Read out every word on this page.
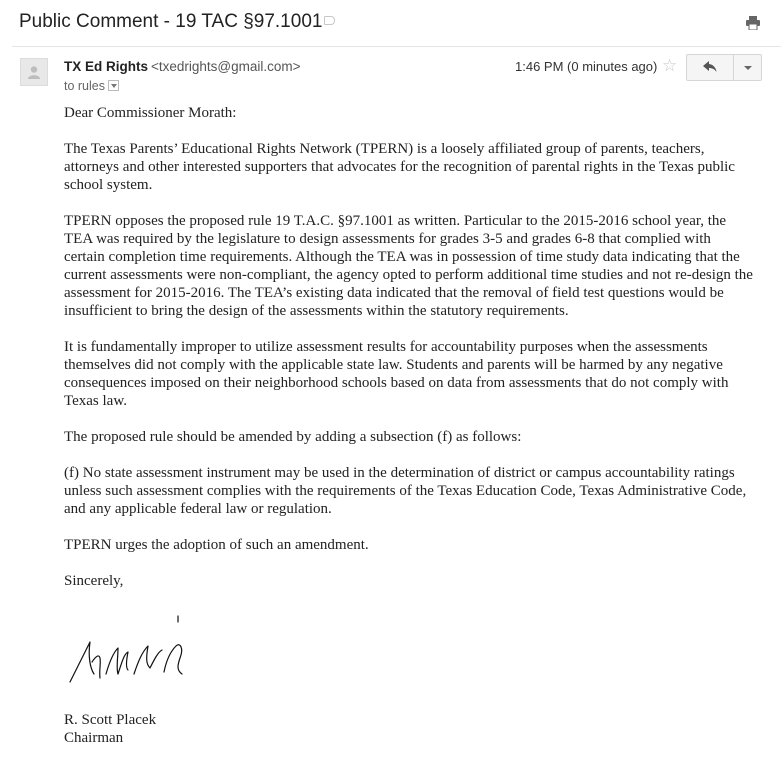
Public Comment - 19 TAC §97.1001
TX Ed Rights <txedrights@gmail.com>
to rules
1:46 PM (0 minutes ago) ☆

Dear Commissioner Morath:

The Texas Parents’ Educational Rights Network (TPERN) is a loosely affiliated group of parents, teachers, attorneys and other interested supporters that advocates for the recognition of parental rights in the Texas public school system.

TPERN opposes the proposed rule 19 T.A.C. §97.1001 as written. Particular to the 2015-2016 school year, the TEA was required by the legislature to design assessments for grades 3-5 and grades 6-8 that complied with certain completion time requirements. Although the TEA was in possession of time study data indicating that the current assessments were non-compliant, the agency opted to perform additional time studies and not re-design the assessment for 2015-2016. The TEA’s existing data indicated that the removal of field test questions would be insufficient to bring the design of the assessments within the statutory requirements.

It is fundamentally improper to utilize assessment results for accountability purposes when the assessments themselves did not comply with the applicable state law. Students and parents will be harmed by any negative consequences imposed on their neighborhood schools based on data from assessments that do not comply with Texas law.

The proposed rule should be amended by adding a subsection (f) as follows:

(f) No state assessment instrument may be used in the determination of district or campus accountability ratings unless such assessment complies with the requirements of the Texas Education Code, Texas Administrative Code, and any applicable federal law or regulation.

TPERN urges the adoption of such an amendment.

Sincerely,

R. Scott Placek
Chairman
